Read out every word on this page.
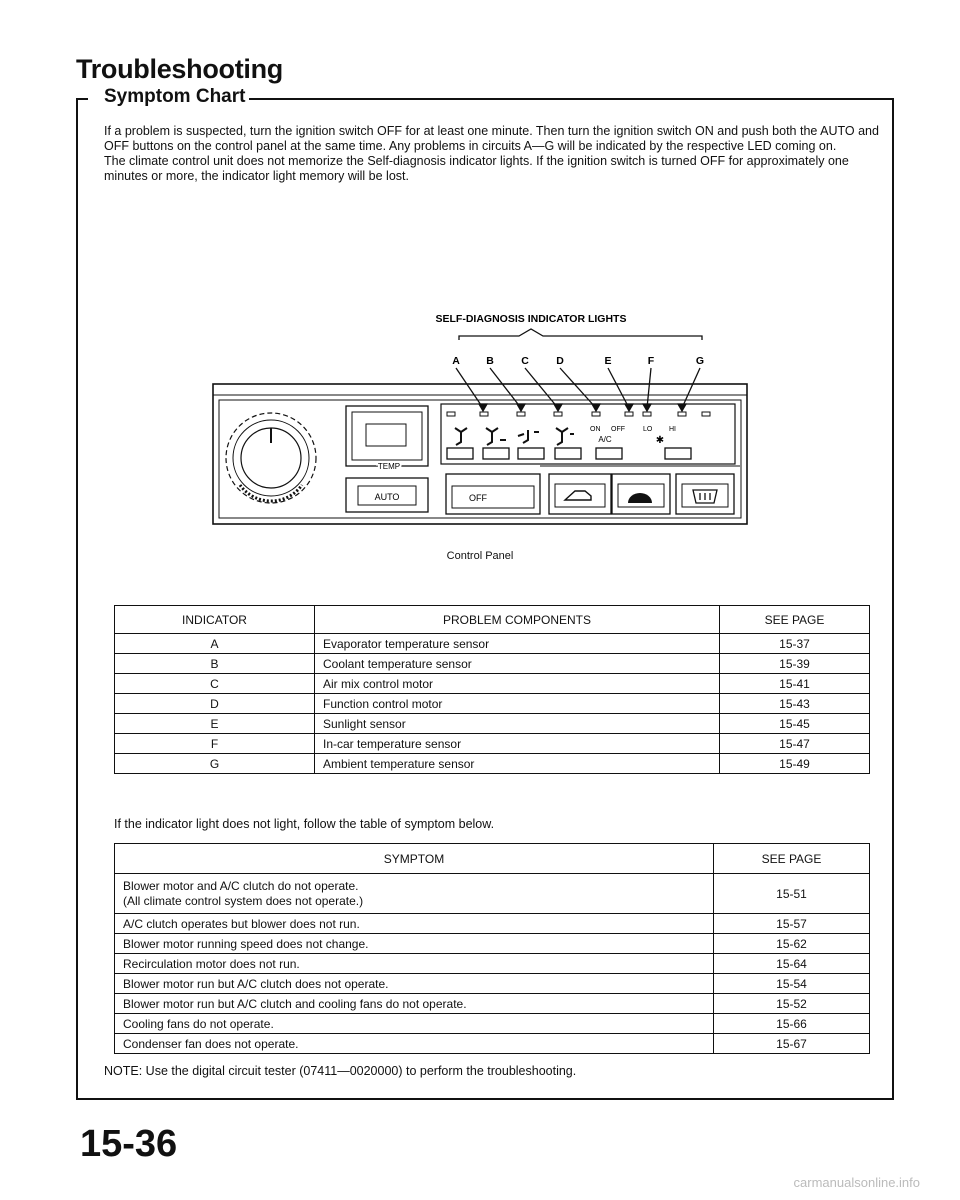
Troubleshooting
Symptom Chart

If a problem is suspected, turn the ignition switch OFF for at least one minute. Then turn the ignition switch ON and push both the AUTO and OFF buttons on the control panel at the same time. Any problems in circuits A—G will be indicated by the respective LED coming on.

The climate control unit does not memorize the Self-diagnosis indicator lights. If the ignition switch is turned OFF for approximately one minutes or more, the indicator light memory will be lost.

SELF-DIAGNOSIS INDICATOR LIGHTS
A	B	C	D	E	F	G
TEMP
AUTO
ON OFF
A/C
LO HI
✱
OFF
Control Panel
INDICATOR	PROBLEM COMPONENTS	SEE PAGE
A	Evaporator temperature sensor	15-37
B	Coolant temperature sensor	15-39
C	Air mix control motor	15-41
D	Function control motor	15-43
E	Sunlight sensor	15-45
F	In-car temperature sensor	15-47
G	Ambient temperature sensor	15-49
If the indicator light does not light, follow the table of symptom below.
SYMPTOM	SEE PAGE
Blower motor and A/C clutch do not operate.
(All climate control system does not operate.)	15-51
A/C clutch operates but blower does not run.	15-57
Blower motor running speed does not change.	15-62
Recirculation motor does not run.	15-64
Blower motor run but A/C clutch does not operate.	15-54
Blower motor run but A/C clutch and cooling fans do not operate.	15-52
Cooling fans do not operate.	15-66
Condenser fan does not operate.	15-67
NOTE: Use the digital circuit tester (07411—0020000) to perform the troubleshooting.
15-36
carmanualsonline.info
